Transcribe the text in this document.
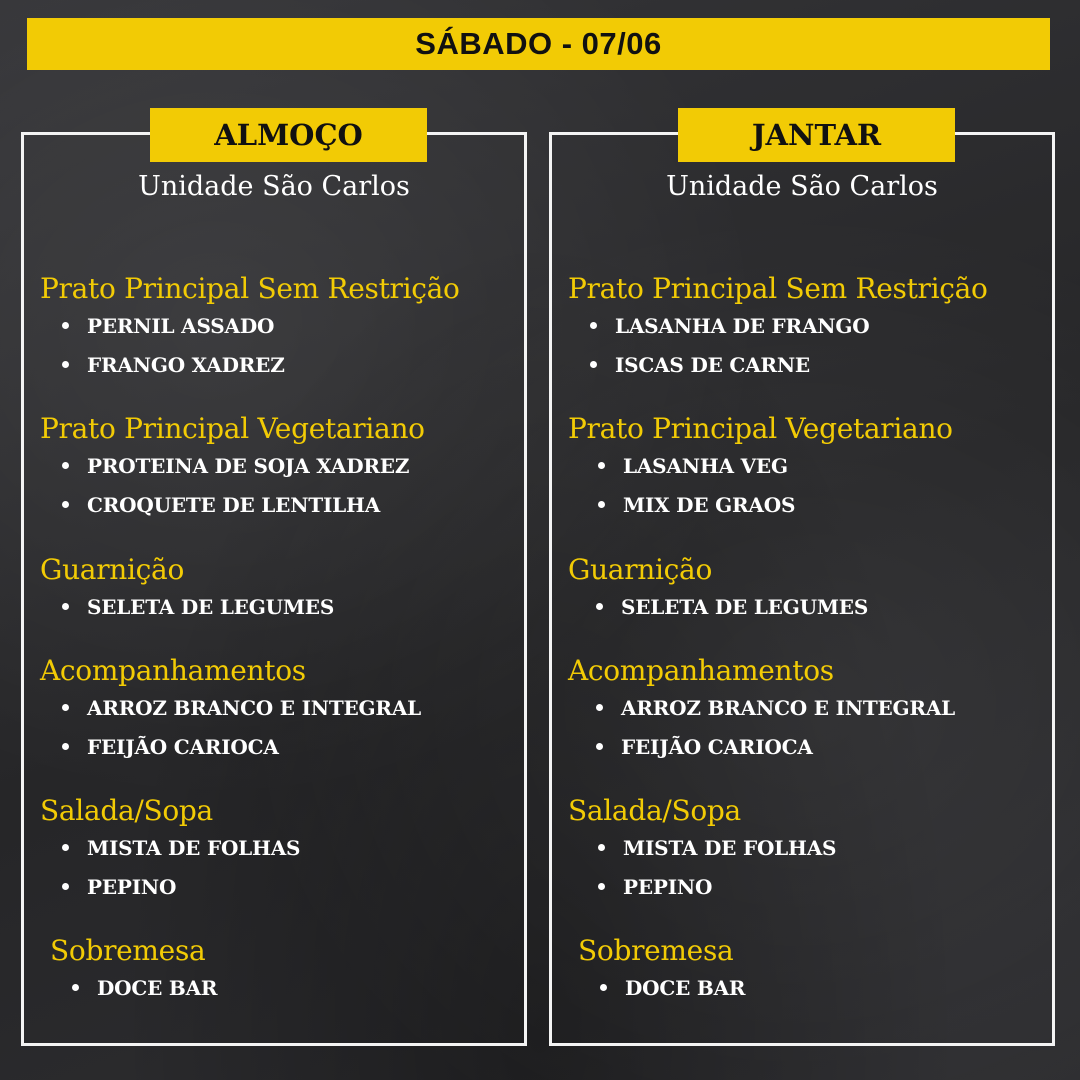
SÁBADO - 07/06
ALMOÇO
Unidade São Carlos
Prato Principal Sem Restrição
PERNIL ASSADO
FRANGO XADREZ
Prato Principal Vegetariano
PROTEINA DE SOJA XADREZ
CROQUETE DE LENTILHA
Guarnição
SELETA DE LEGUMES
Acompanhamentos
ARROZ BRANCO E INTEGRAL
FEIJÃO CARIOCA
Salada/Sopa
MISTA DE FOLHAS
PEPINO
Sobremesa
DOCE BAR
JANTAR
Unidade São Carlos
Prato Principal Sem Restrição
LASANHA DE FRANGO
ISCAS DE CARNE
Prato Principal Vegetariano
LASANHA VEG
MIX DE GRAOS
Guarnição
SELETA DE LEGUMES
Acompanhamentos
ARROZ BRANCO E INTEGRAL
FEIJÃO CARIOCA
Salada/Sopa
MISTA DE FOLHAS
PEPINO
Sobremesa
DOCE BAR
